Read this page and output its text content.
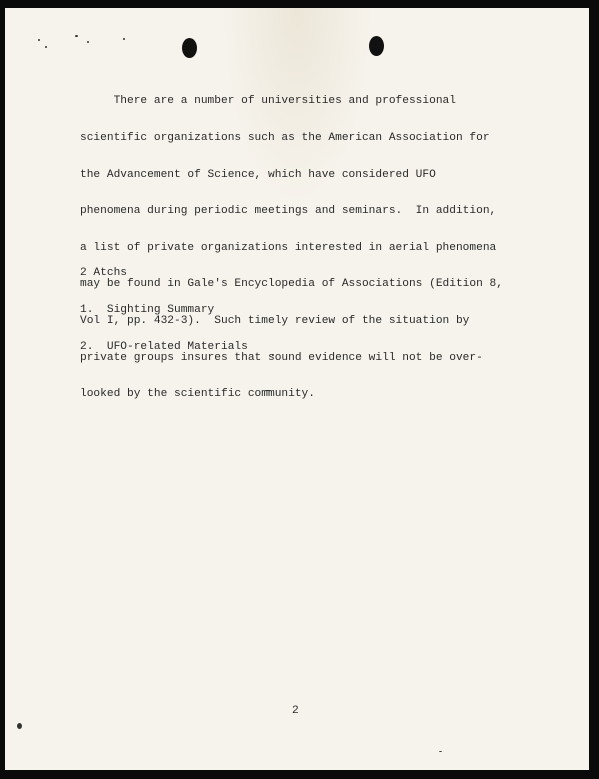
There are a number of universities and professional

scientific organizations such as the American Association for

the Advancement of Science, which have considered UFO

phenomena during periodic meetings and seminars.  In addition,

a list of private organizations interested in aerial phenomena

may be found in Gale's Encyclopedia of Associations (Edition 8,

Vol I, pp. 432-3).  Such timely review of the situation by

private groups insures that sound evidence will not be over-

looked by the scientific community.

2 Atchs

1.  Sighting Summary

2.  UFO-related Materials

2
